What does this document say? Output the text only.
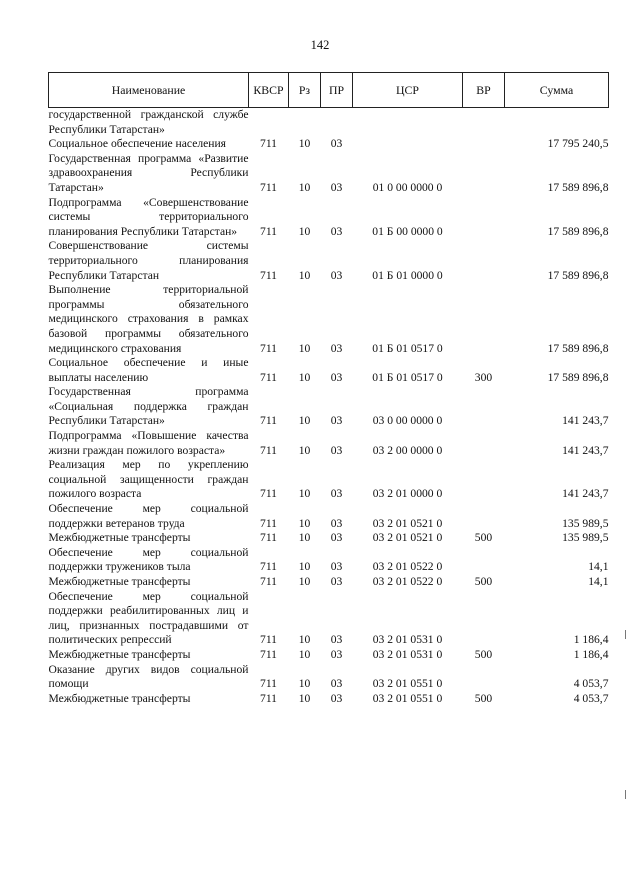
142
Наименование	КВСР	Рз	ПР	ЦСР	ВР	Сумма

государственной гражданской службе Республики Татарстан»						

Социальное обеспечение населения	711	10	03			17 795 240,5

Государственная программа «Развитие здравоохранения Республики Татарстан»	711	10	03	01 0 00 0000 0		17 589 896,8

Подпрограмма «Совершенствование системы территориального планирования Республики Татарстан»	711	10	03	01 Б 00 0000 0		17 589 896,8

Совершенствование системы территориального планирования Республики Татарстан	711	10	03	01 Б 01 0000 0		17 589 896,8

Выполнение территориальной программы обязательного медицинского страхования в рамках базовой программы обязательного медицинского страхования	711	10	03	01 Б 01 0517 0		17 589 896,8

Социальное обеспечение и иные выплаты населению	711	10	03	01 Б 01 0517 0	300	17 589 896,8

Государственная программа «Социальная поддержка граждан Республики Татарстан»	711	10	03	03 0 00 0000 0		141 243,7

Подпрограмма «Повышение качества жизни граждан пожилого возраста»	711	10	03	03 2 00 0000 0		141 243,7

Реализация мер по укреплению социальной защищенности граждан пожилого возраста	711	10	03	03 2 01 0000 0		141 243,7

Обеспечение мер социальной поддержки ветеранов труда	711	10	03	03 2 01 0521 0		135 989,5

Межбюджетные трансферты	711	10	03	03 2 01 0521 0	500	135 989,5

Обеспечение мер социальной поддержки тружеников тыла	711	10	03	03 2 01 0522 0		14,1

Межбюджетные трансферты	711	10	03	03 2 01 0522 0	500	14,1

Обеспечение мер социальной поддержки реабилитированных лиц и лиц, признанных пострадавшими от политических репрессий	711	10	03	03 2 01 0531 0		1 186,4

Межбюджетные трансферты	711	10	03	03 2 01 0531 0	500	1 186,4

Оказание других видов социальной помощи	711	10	03	03 2 01 0551 0		4 053,7

Межбюджетные трансферты	711	10	03	03 2 01 0551 0	500	4 053,7
